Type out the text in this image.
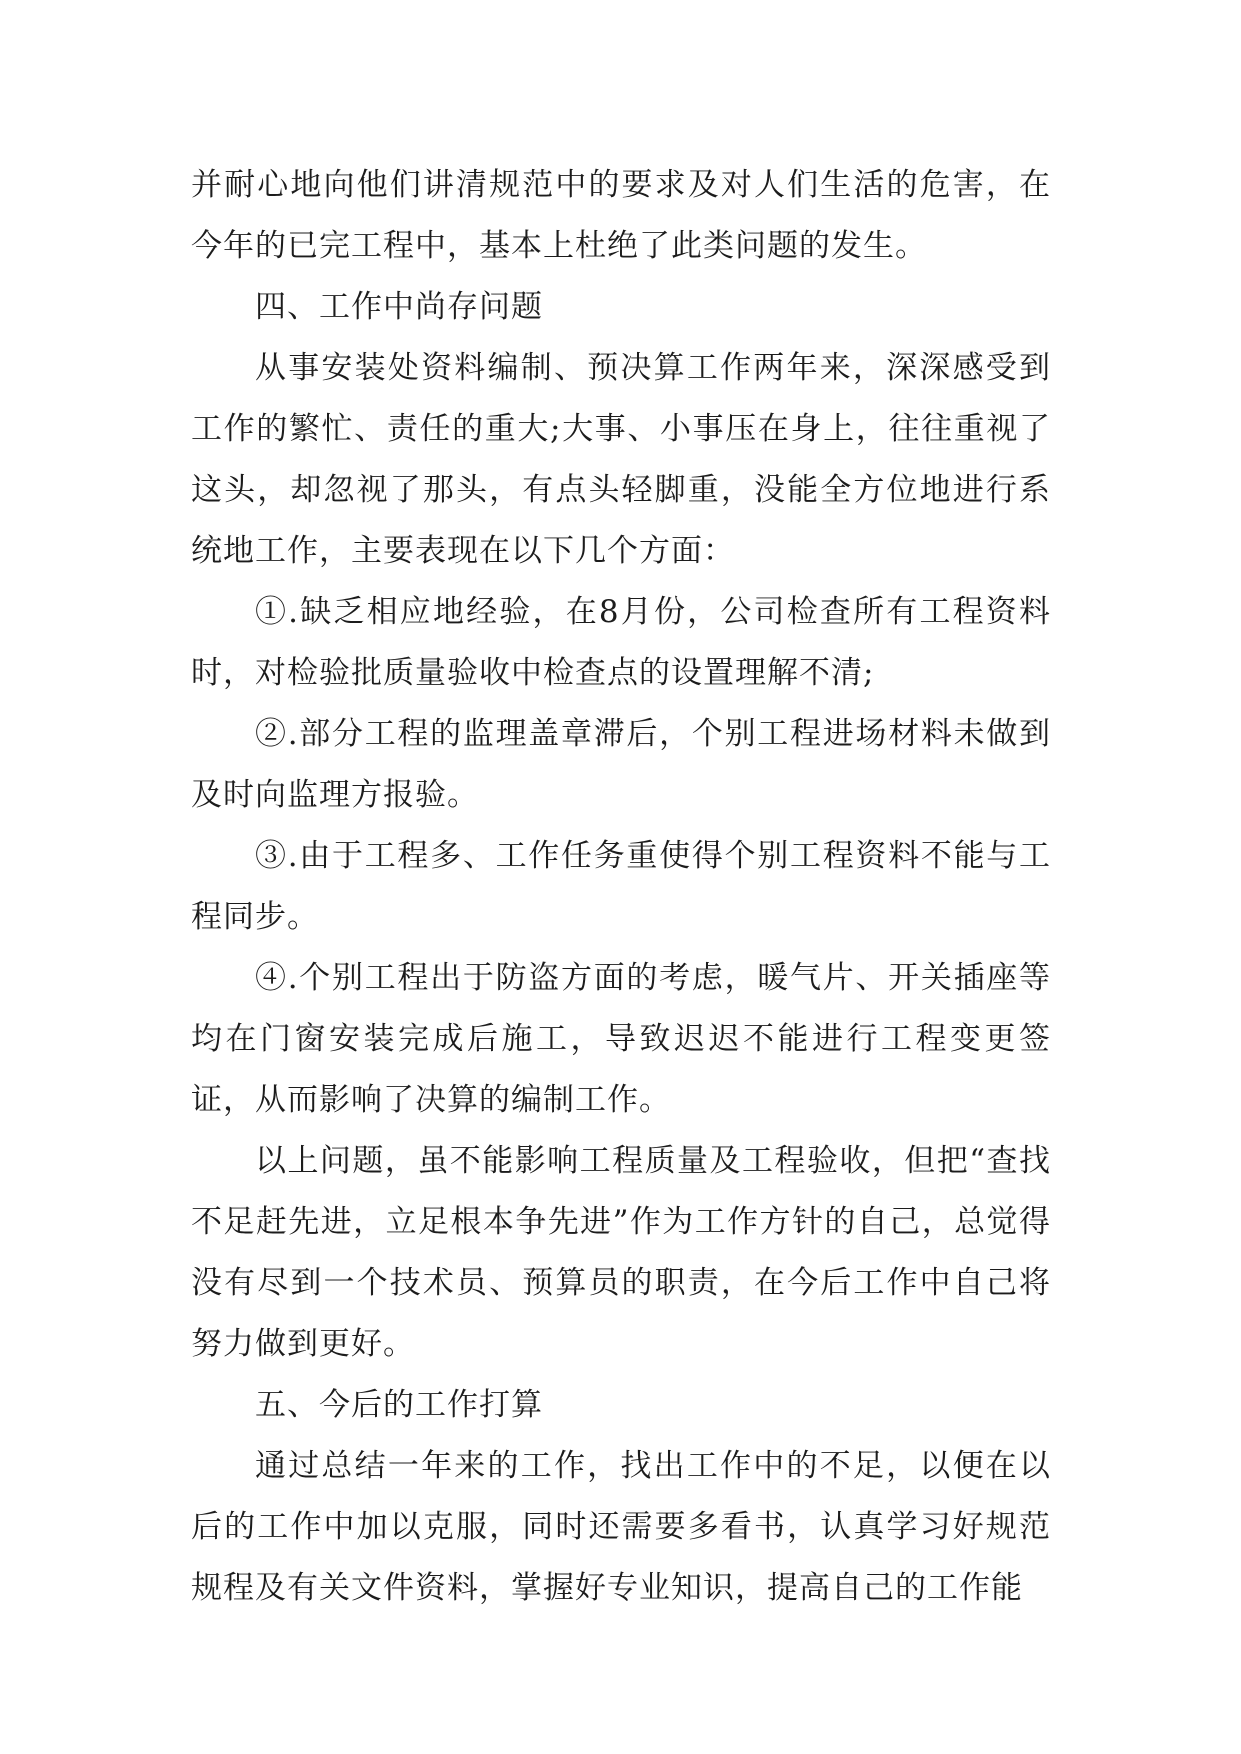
并耐心地向他们讲清规范中的要求及对人们生活的危害，在今年的已完工程中，基本上杜绝了此类问题的发生。

四、工作中尚存问题

从事安装处资料编制、预决算工作两年来，深深感受到工作的繁忙、责任的重大;大事、小事压在身上，往往重视了这头，却忽视了那头，有点头轻脚重，没能全方位地进行系统地工作，主要表现在以下几个方面：

①.缺乏相应地经验，在8月份，公司检查所有工程资料时，对检验批质量验收中检查点的设置理解不清;

②.部分工程的监理盖章滞后，个别工程进场材料未做到及时向监理方报验。

③.由于工程多、工作任务重使得个别工程资料不能与工程同步。

④.个别工程出于防盗方面的考虑，暖气片、开关插座等均在门窗安装完成后施工，导致迟迟不能进行工程变更签证，从而影响了决算的编制工作。

以上问题，虽不能影响工程质量及工程验收，但把“查找不足赶先进，立足根本争先进”作为工作方针的自己，总觉得没有尽到一个技术员、预算员的职责，在今后工作中自己将努力做到更好。

五、今后的工作打算

通过总结一年来的工作，找出工作中的不足，以便在以后的工作中加以克服，同时还需要多看书，认真学习好规范规程及有关文件资料，掌握好专业知识，提高自己的工作能
